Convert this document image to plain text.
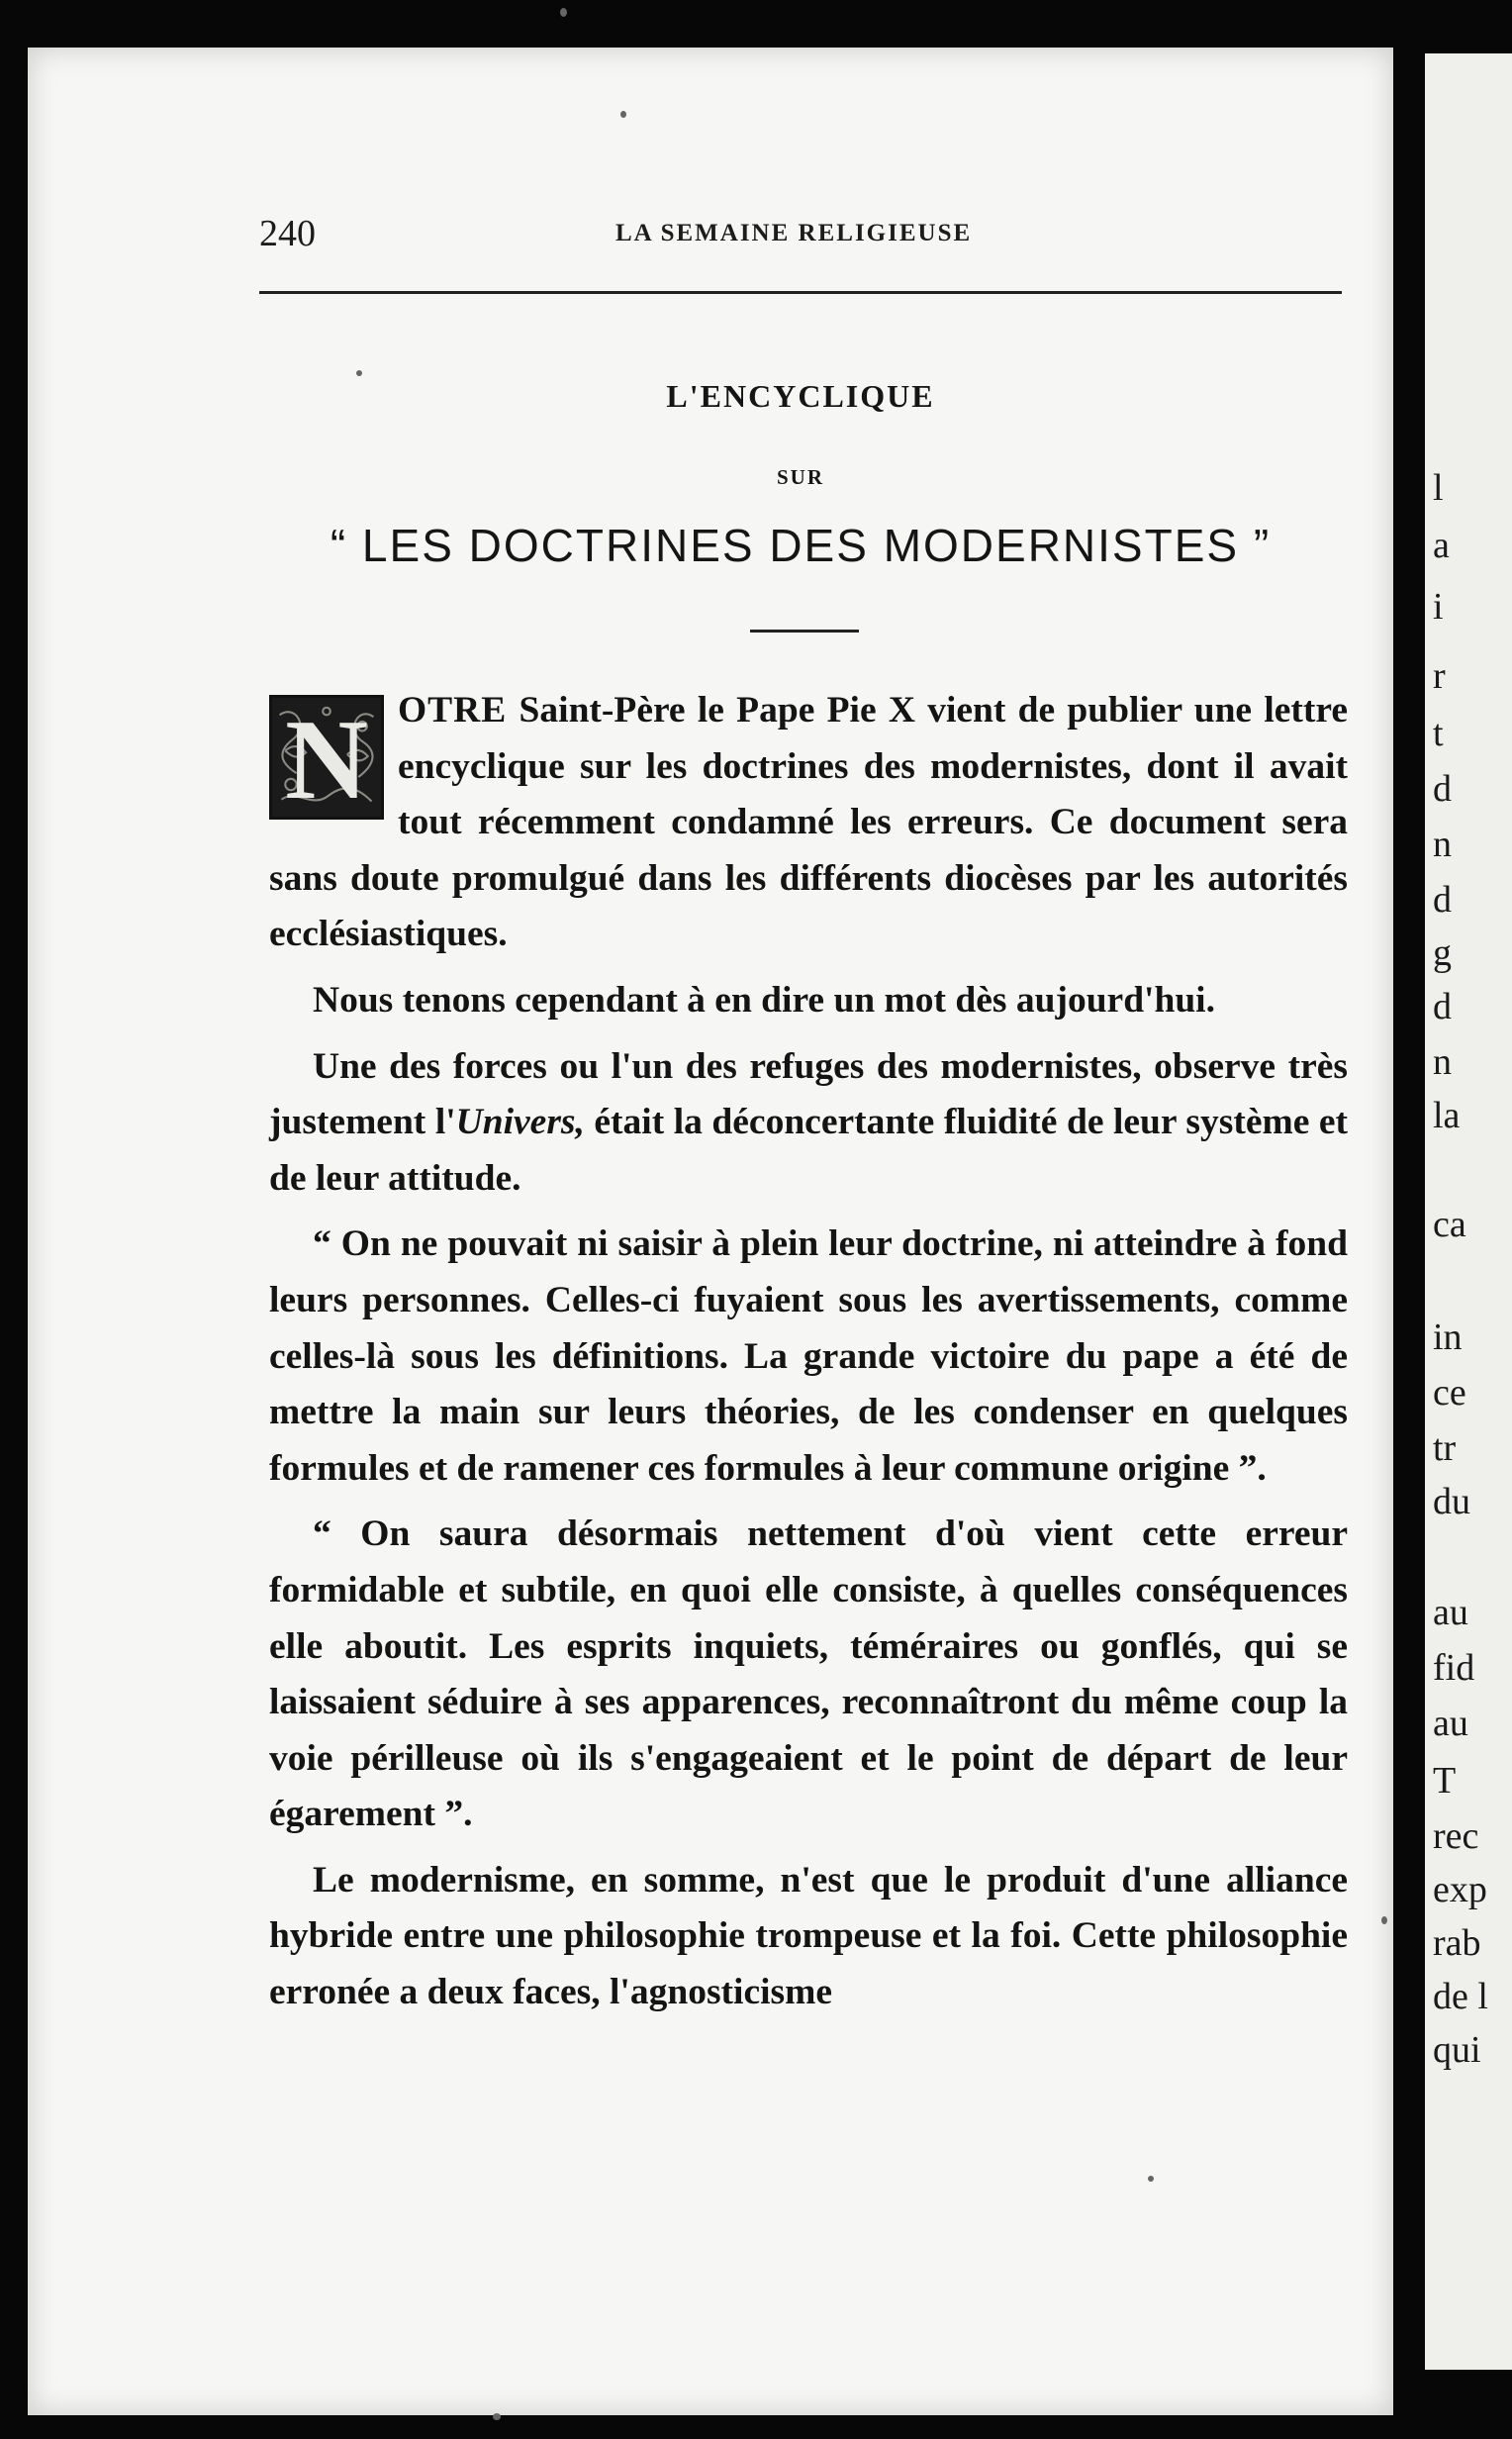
l
a
i
r
t
d
n
d
g
d
n
la
ca
in
ce
tr
du
au
fid
au
T
rec
exp
rab
de l
qui
240	LA SEMAINE RELIGIEUSE
L'ENCYCLIQUE
SUR
“ LES DOCTRINES DES MODERNISTES ”

N OTRE Saint-Père le Pape Pie X vient de publier une lettre encyclique sur les doctrines des modernistes, dont il avait tout récemment condamné les erreurs. Ce document sera sans doute promulgué dans les différents diocèses par les autorités ecclésiastiques.

Nous tenons cependant à en dire un mot dès aujourd'hui.

Une des forces ou l'un des refuges des modernistes, observe très justement l'Univers, était la déconcertante fluidité de leur système et de leur attitude.

“ On ne pouvait ni saisir à plein leur doctrine, ni atteindre à fond leurs personnes. Celles-ci fuyaient sous les avertissements, comme celles-là sous les définitions. La grande victoire du pape a été de mettre la main sur leurs théories, de les condenser en quelques formules et de ramener ces formules à leur commune origine ”.

“ On saura désormais nettement d'où vient cette erreur formidable et subtile, en quoi elle consiste, à quelles conséquences elle aboutit. Les esprits inquiets, téméraires ou gonflés, qui se laissaient séduire à ses apparences, reconnaîtront du même coup la voie périlleuse où ils s'engageaient et le point de départ de leur égarement ”.

Le modernisme, en somme, n'est que le produit d'une alliance hybride entre une philosophie trompeuse et la foi. Cette philosophie erronée a deux faces, l'agnosticisme
